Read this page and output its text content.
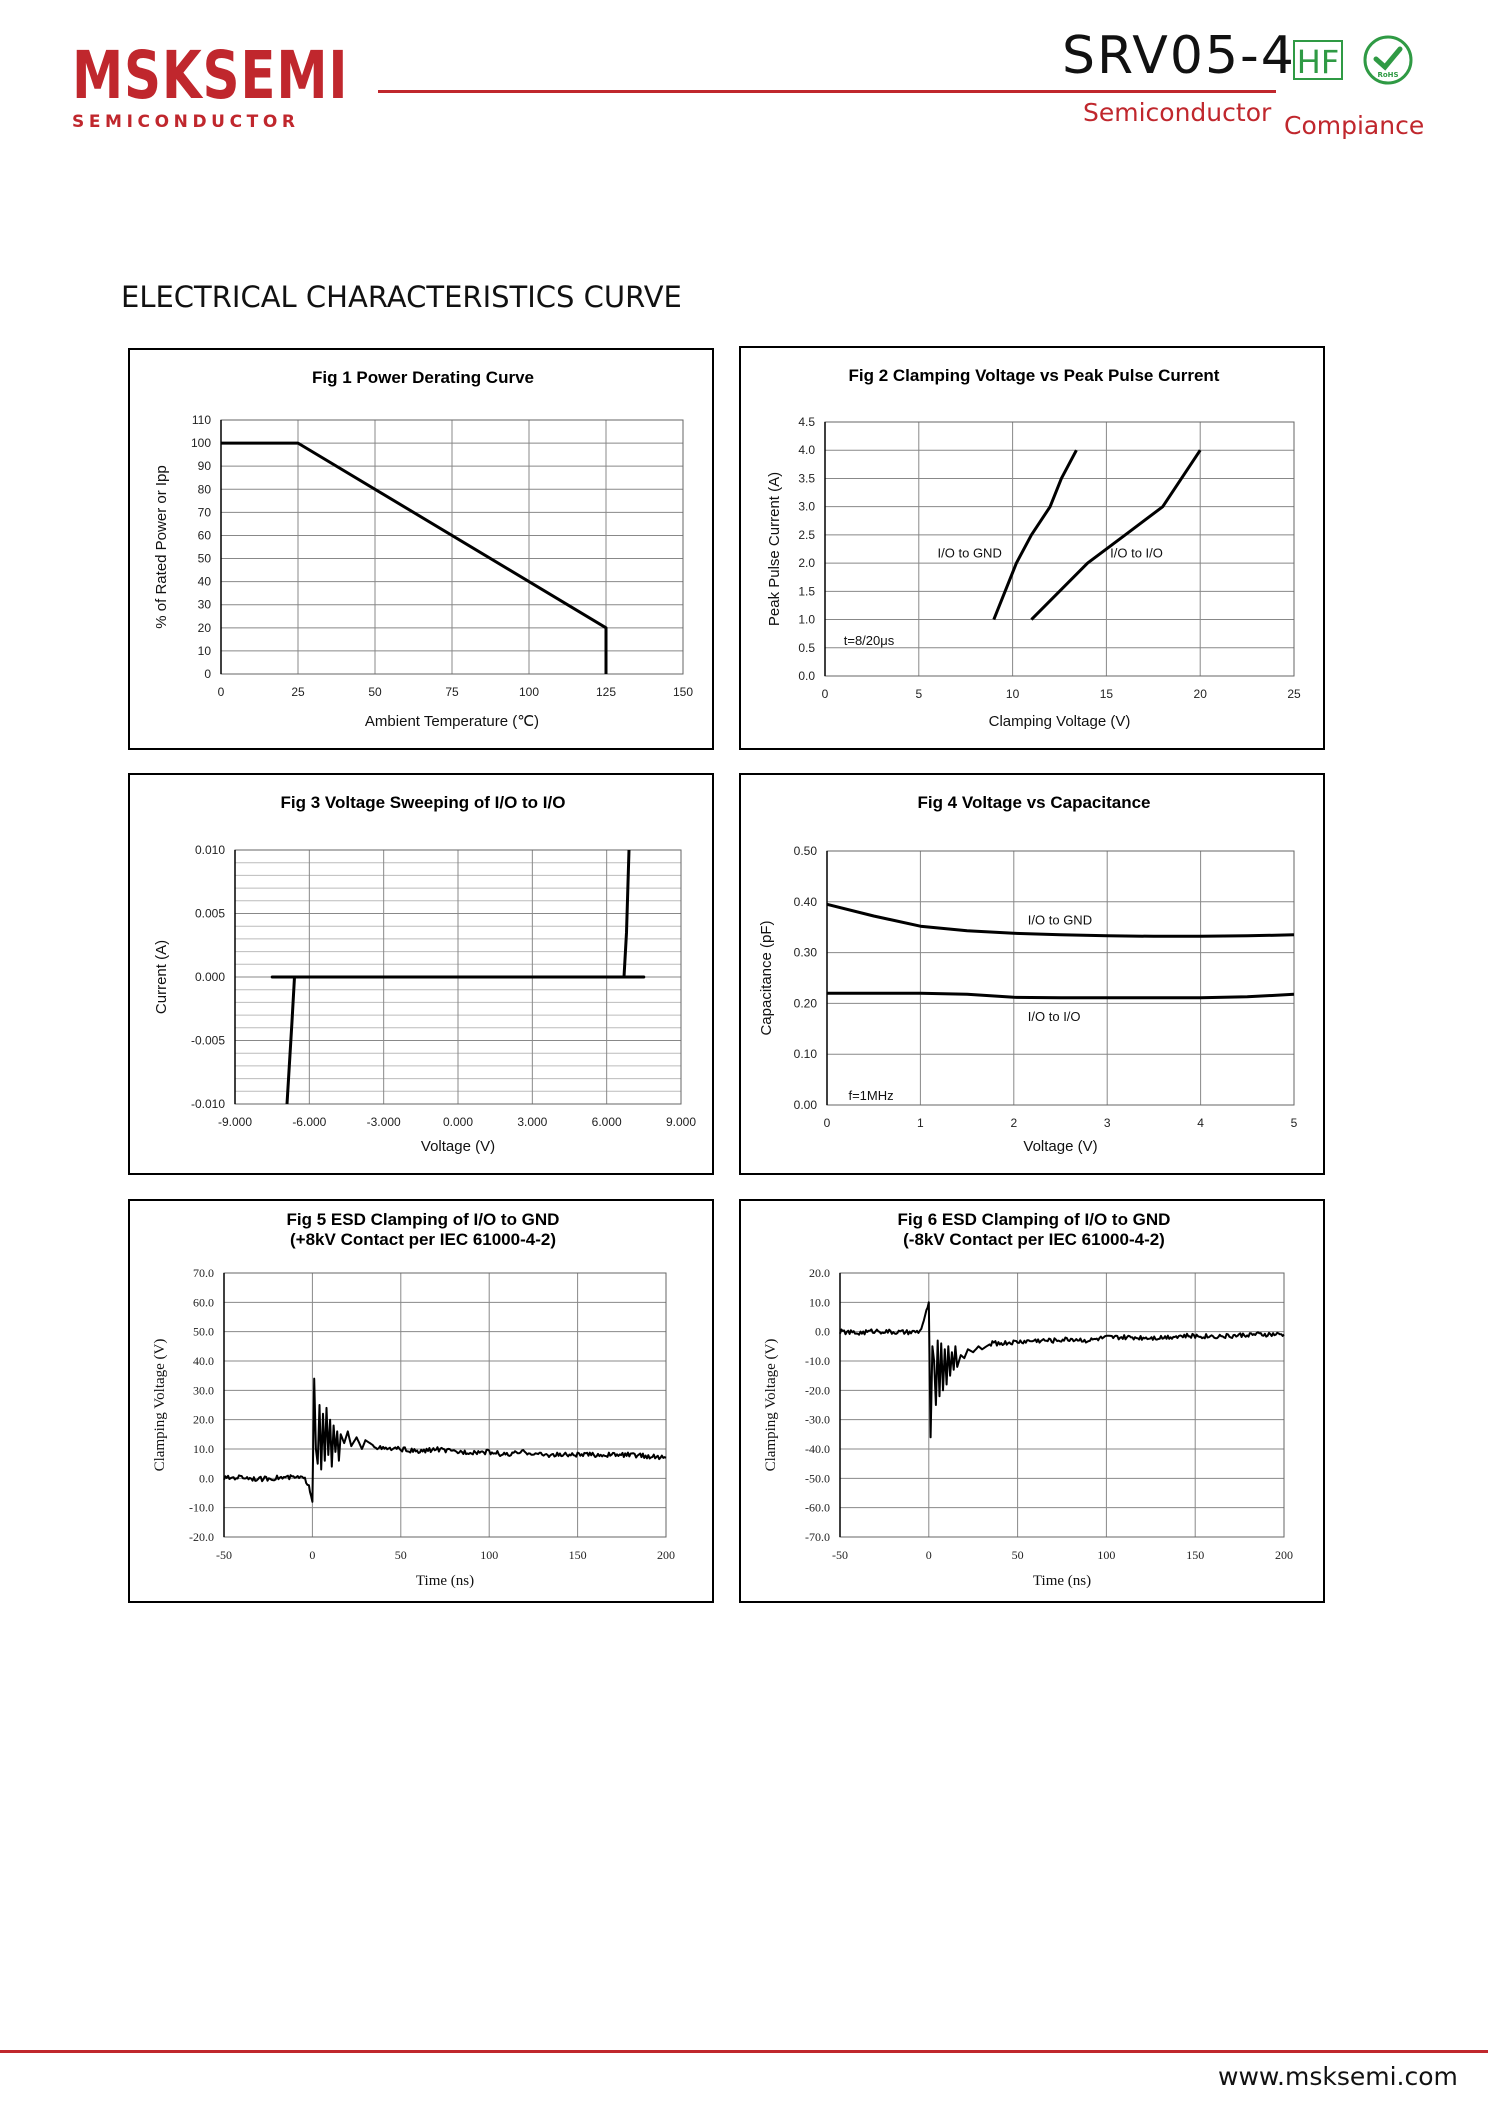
MSKSEMI
SEMICONDUCTOR
SRV05-4 HF	RoHS
Semiconductor Compiance
ELECTRICAL CHARACTERISTICS CURVE
Fig 1 Power Derating Curve
0
10
20
30
40
50
60
70
80
90
100
110
0	25	50	75	100	125	150
Ambient Temperature (℃)
% of Rated Power or Ipp
Fig 2 Clamping Voltage vs Peak Pulse Current
0.0
0.5
1.0
1.5
2.0
2.5
3.0
3.5
4.0
4.5
0	5	10	15	20	25
Clamping Voltage (V)
Peak Pulse Current (A)	I/O to GND	I/O to I/O
t=8/20μs
Fig 3 Voltage Sweeping of I/O to I/O
-0.010
-0.005
0.000
0.005
0.010
-9.000	-6.000	-3.000	0.000	3.000	6.000	9.000
Voltage (V)
Current (A)
Fig 4 Voltage vs Capacitance
0.00
0.10
0.20
0.30
0.40
0.50
0	1	2	3	4	5
Voltage (V)
Capacitance (pF)
I/O to GND
I/O to I/O
f=1MHz
Fig 5 ESD Clamping of I/O to GND
(+8kV Contact per IEC 61000-4-2)
-20.0
-10.0
0.0
10.0
20.0
30.0
40.0
50.0
60.0
70.0
-50	0	50	100	150	200
Time (ns)
Clamping Voltage (V)
Fig 6 ESD Clamping of I/O to GND
(-8kV Contact per IEC 61000-4-2)
-70.0
-60.0
-50.0
-40.0
-30.0
-20.0
-10.0
0.0
10.0
20.0
-50	0	50	100	150	200
Time (ns)
Clamping Voltage (V)
www.msksemi.com
